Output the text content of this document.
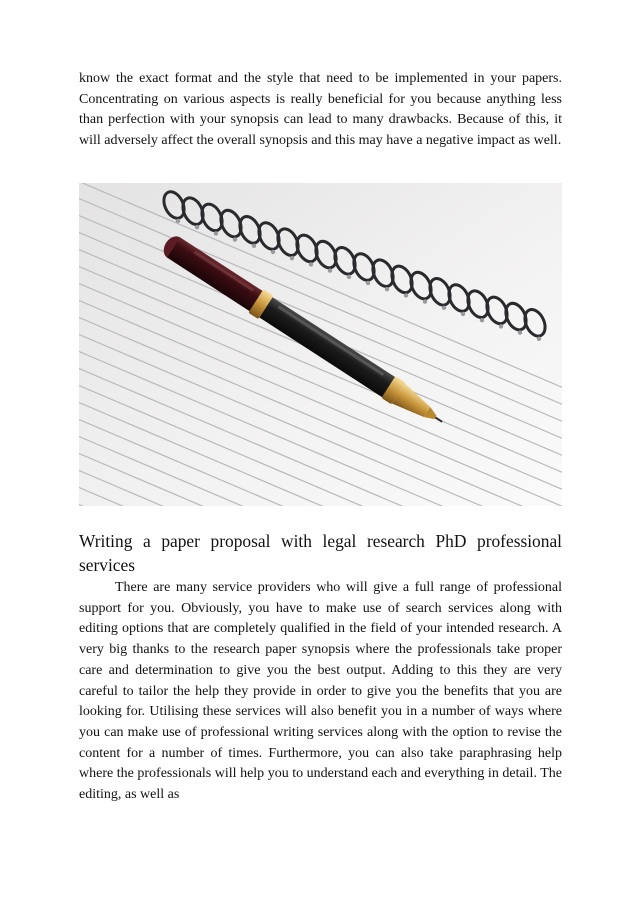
know the exact format and the style that need to be implemented in your papers. Concentrating on various aspects is really beneficial for you because anything less than perfection with your synopsis can lead to many drawbacks. Because of this, it will adversely affect the overall synopsis and this may have a negative impact as well.

Writing a paper proposal with legal research PhD professional services

There are many service providers who will give a full range of professional support for you. Obviously, you have to make use of search services along with editing options that are completely qualified in the field of your intended research. A very big thanks to the research paper synopsis where the professionals take proper care and determination to give you the best output. Adding to this they are very careful to tailor the help they provide in order to give you the benefits that you are looking for. Utilising these services will also benefit you in a number of ways where you can make use of professional writing services along with the option to revise the content for a number of times. Furthermore, you can also take paraphrasing help where the professionals will help you to understand each and everything in detail. The editing, as well as
